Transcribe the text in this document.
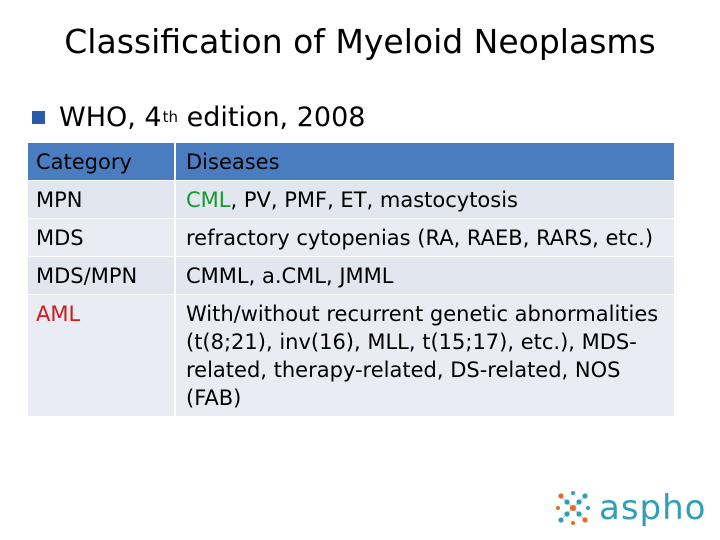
Classification of Myeloid Neoplasms
WHO, 4 th edition, 2008
Category	Diseases
MPN	CML, PV, PMF, ET, mastocytosis
MDS	refractory cytopenias (RA, RAEB, RARS, etc.)
MDS/MPN	CMML, a.CML, JMML
AML	With/without recurrent genetic abnormalities (t(8;21), inv(16), MLL, t(15;17), etc.), MDS-related, therapy-related, DS-related, NOS (FAB)
aspho
